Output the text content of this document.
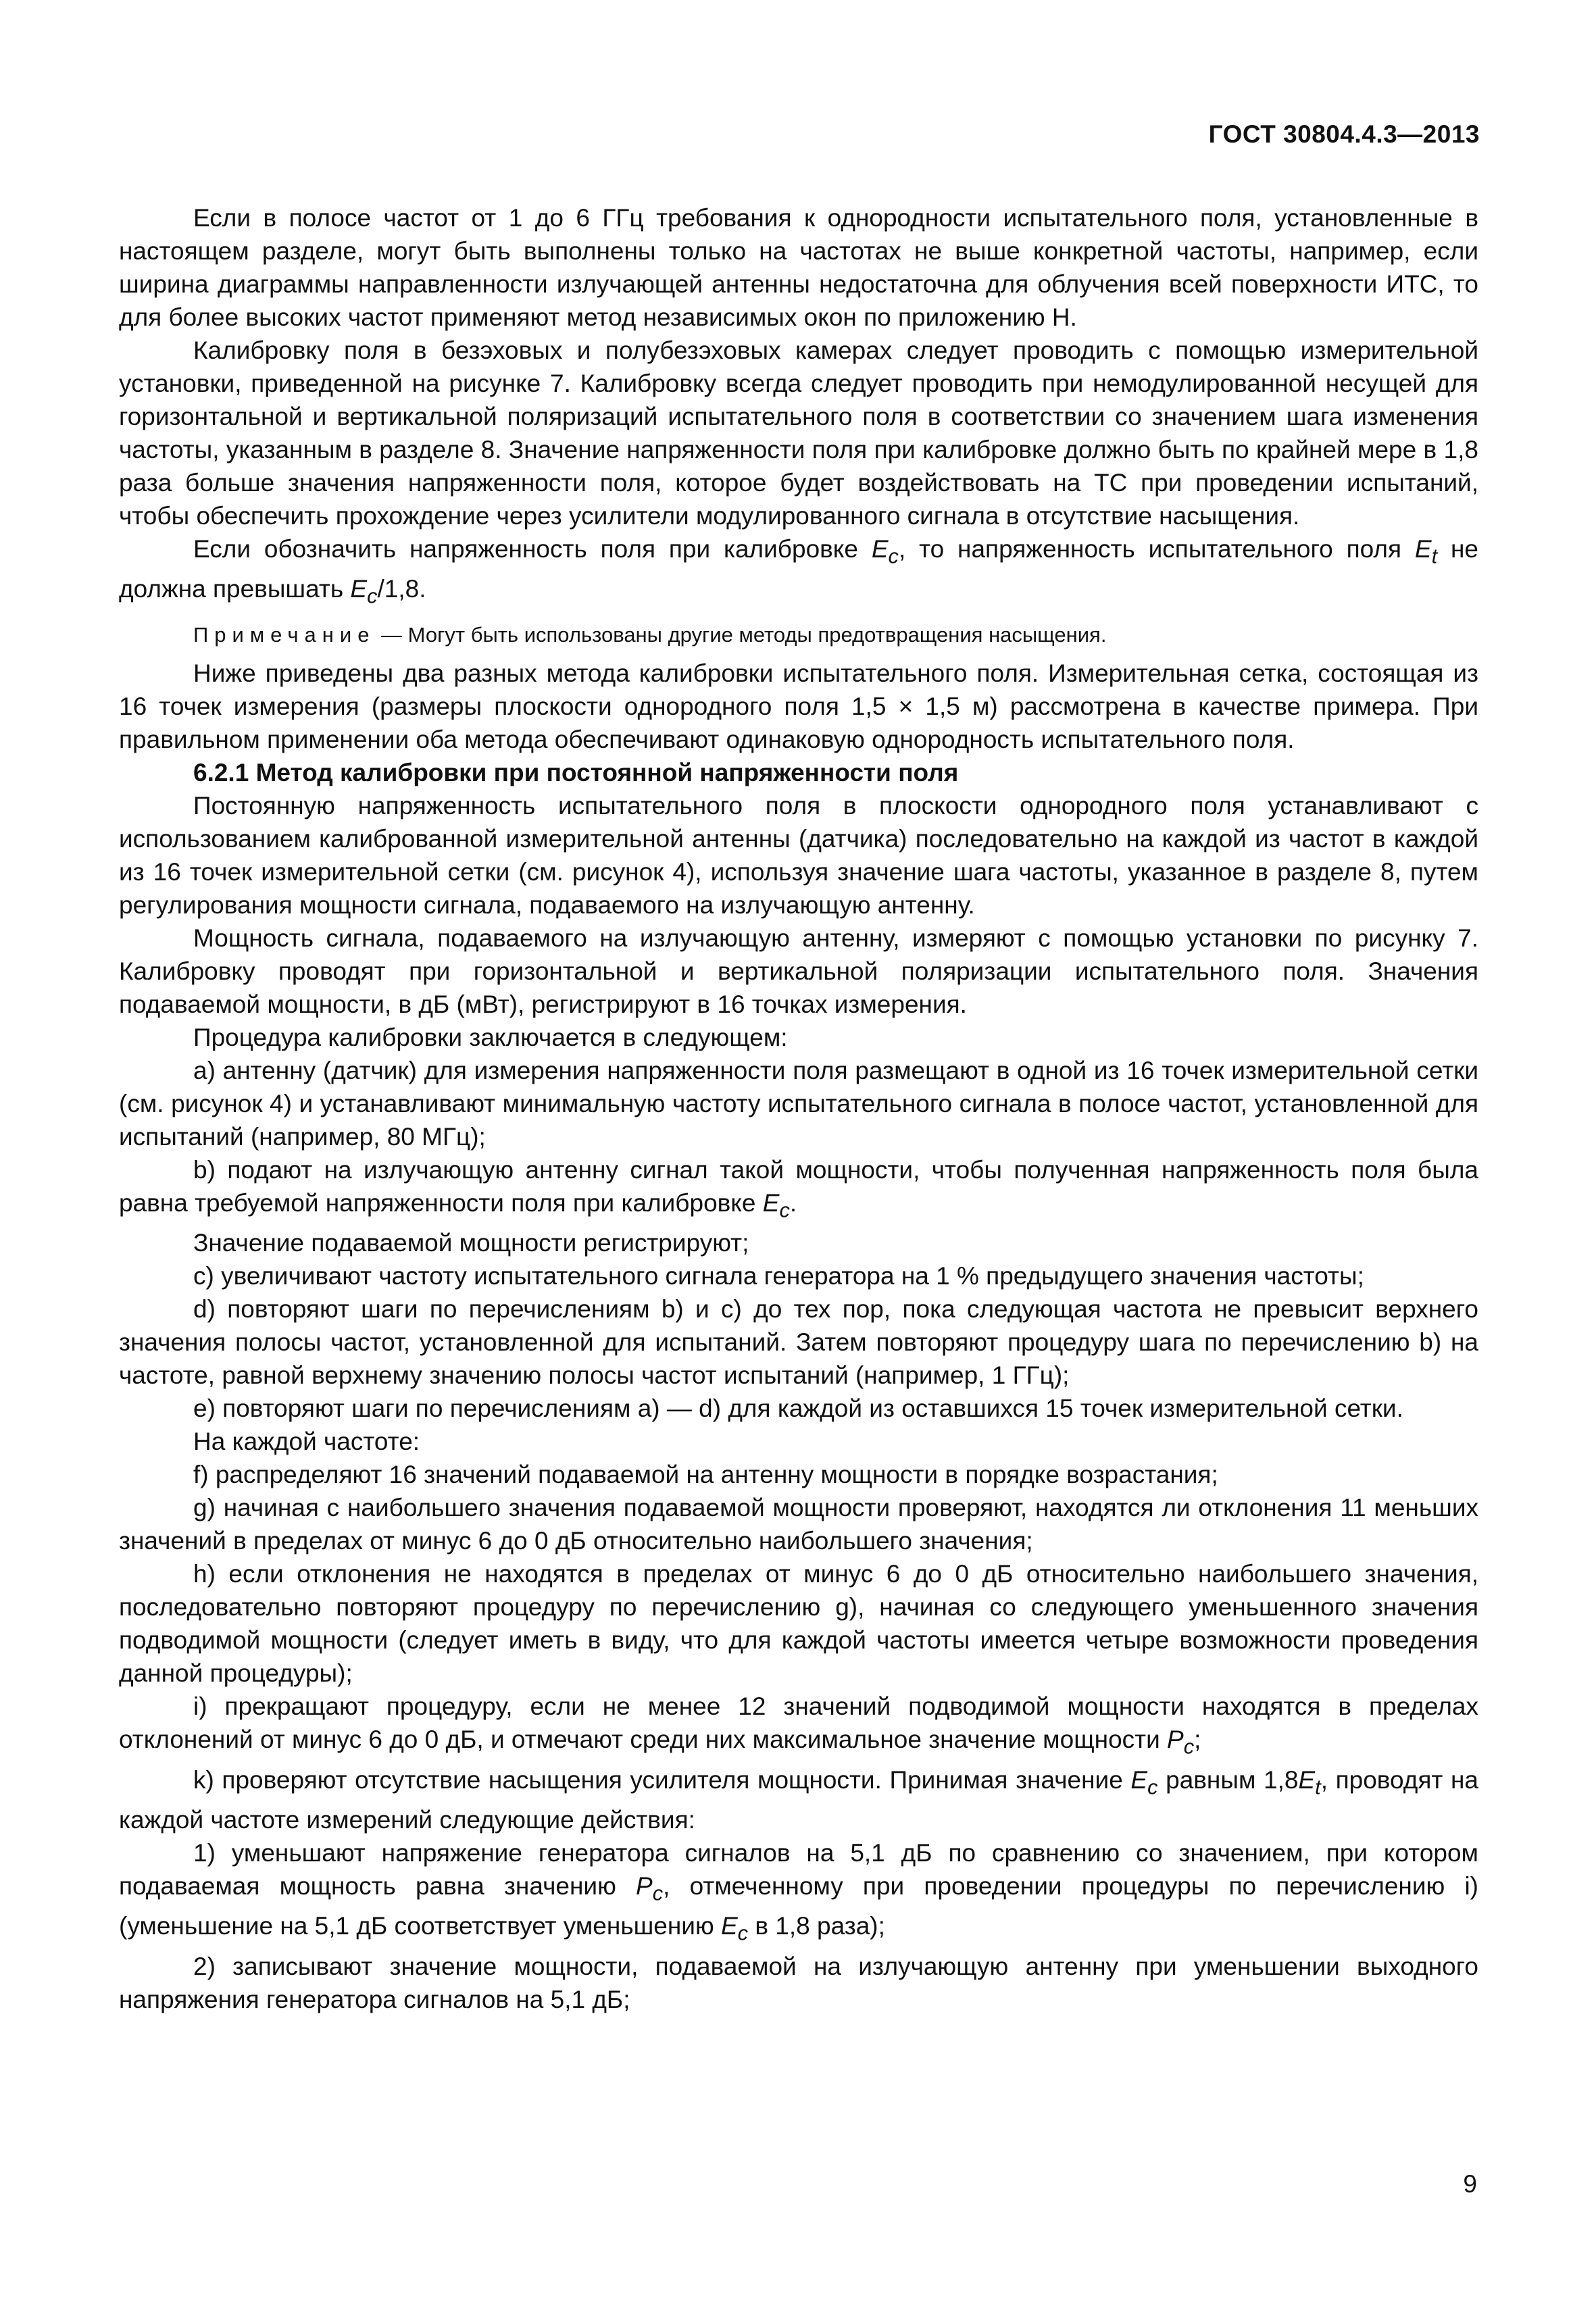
ГОСТ 30804.4.3—2013

Если в полосе частот от 1 до 6 ГГц требования к однородности испытательного поля, установленные в настоящем разделе, могут быть выполнены только на частотах не выше конкретной частоты, например, если ширина диаграммы направленности излучающей антенны недостаточна для облучения всей поверхности ИТС, то для более высоких частот применяют метод независимых окон по приложению Н.

Калибровку поля в безэховых и полубезэховых камерах следует проводить с помощью измерительной установки, приведенной на рисунке 7. Калибровку всегда следует проводить при немодулированной несущей для горизонтальной и вертикальной поляризаций испытательного поля в соответствии со значением шага изменения частоты, указанным в разделе 8. Значение напряженности поля при калибровке должно быть по крайней мере в 1,8 раза больше значения напряженности поля, которое будет воздействовать на ТС при проведении испытаний, чтобы обеспечить прохождение через усилители модулированного сигнала в отсутствие насыщения.

Если обозначить напряженность поля при калибровке $E_c$, то напряженность испытательного поля $E_t$ не должна превышать $E_c/1,8$.

Примечание — Могут быть использованы другие методы предотвращения насыщения.

Ниже приведены два разных метода калибровки испытательного поля. Измерительная сетка, состоящая из 16 точек измерения (размеры плоскости однородного поля 1,5 × 1,5 м) рассмотрена в качестве примера. При правильном применении оба метода обеспечивают одинаковую однородность испытательного поля.

6.2.1 Метод калибровки при постоянной напряженности поля

Постоянную напряженность испытательного поля в плоскости однородного поля устанавливают с использованием калиброванной измерительной антенны (датчика) последовательно на каждой из частот в каждой из 16 точек измерительной сетки (см. рисунок 4), используя значение шага частоты, указанное в разделе 8, путем регулирования мощности сигнала, подаваемого на излучающую антенну.

Мощность сигнала, подаваемого на излучающую антенну, измеряют с помощью установки по рисунку 7. Калибровку проводят при горизонтальной и вертикальной поляризации испытательного поля. Значения подаваемой мощности, в дБ (мВт), регистрируют в 16 точках измерения.

Процедура калибровки заключается в следующем:

а) антенну (датчик) для измерения напряженности поля размещают в одной из 16 точек измерительной сетки (см. рисунок 4) и устанавливают минимальную частоту испытательного сигнала в полосе частот, установленной для испытаний (например, 80 МГц);

b) подают на излучающую антенну сигнал такой мощности, чтобы полученная напряженность поля была равна требуемой напряженности поля при калибровке $E_c$.

Значение подаваемой мощности регистрируют;

с) увеличивают частоту испытательного сигнала генератора на 1 % предыдущего значения частоты;

d) повторяют шаги по перечислениям b) и с) до тех пор, пока следующая частота не превысит верхнего значения полосы частот, установленной для испытаний. Затем повторяют процедуру шага по перечислению b) на частоте, равной верхнему значению полосы частот испытаний (например, 1 ГГц);

е) повторяют шаги по перечислениям а) — d) для каждой из оставшихся 15 точек измерительной сетки.

На каждой частоте:

f) распределяют 16 значений подаваемой на антенну мощности в порядке возрастания;

g) начиная с наибольшего значения подаваемой мощности проверяют, находятся ли отклонения 11 меньших значений в пределах от минус 6 до 0 дБ относительно наибольшего значения;

h) если отклонения не находятся в пределах от минус 6 до 0 дБ относительно наибольшего значения, последовательно повторяют процедуру по перечислению g), начиная со следующего уменьшенного значения подводимой мощности (следует иметь в виду, что для каждой частоты имеется четыре возможности проведения данной процедуры);

i) прекращают процедуру, если не менее 12 значений подводимой мощности находятся в пределах отклонений от минус 6 до 0 дБ, и отмечают среди них максимальное значение мощности $P_c$;

k) проверяют отсутствие насыщения усилителя мощности. Принимая значение $E_c$ равным $1,8E_t$, проводят на каждой частоте измерений следующие действия:

1) уменьшают напряжение генератора сигналов на 5,1 дБ по сравнению со значением, при котором подаваемая мощность равна значению $P_c$, отмеченному при проведении процедуры по перечислению i) (уменьшение на 5,1 дБ соответствует уменьшению $E_c$ в 1,8 раза);

2) записывают значение мощности, подаваемой на излучающую антенну при уменьшении выходного напряжения генератора сигналов на 5,1 дБ;

9
